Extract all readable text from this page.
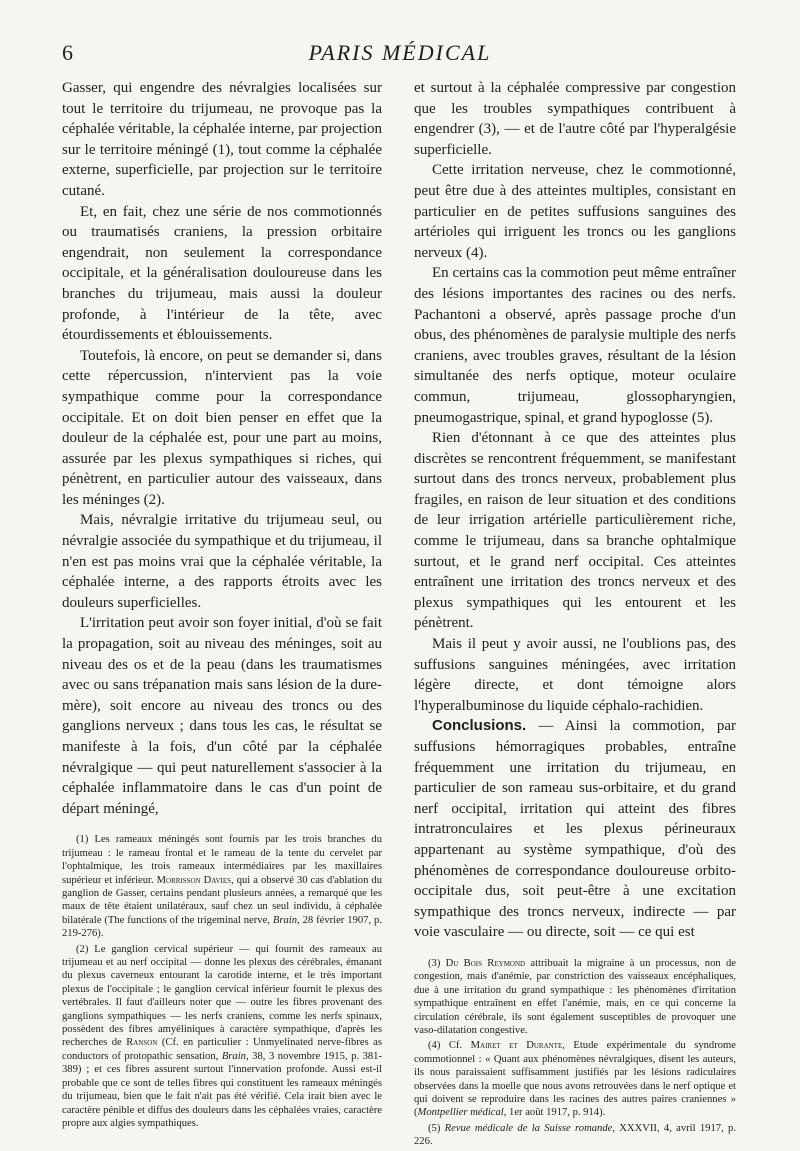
6	PARIS MÉDICAL

Gasser, qui engendre des névralgies localisées sur tout le territoire du trijumeau, ne provoque pas la céphalée véritable, la céphalée interne, par projection sur le territoire méningé (1), tout comme la céphalée externe, superficielle, par projection sur le territoire cutané.

Et, en fait, chez une série de nos commotionnés ou traumatisés craniens, la pression orbitaire engendrait, non seulement la correspondance occipitale, et la généralisation douloureuse dans les branches du trijumeau, mais aussi la douleur profonde, à l'intérieur de la tête, avec étourdissements et éblouissements.

Toutefois, là encore, on peut se demander si, dans cette répercussion, n'intervient pas la voie sympathique comme pour la correspondance occipitale. Et on doit bien penser en effet que la douleur de la céphalée est, pour une part au moins, assurée par les plexus sympathiques si riches, qui pénètrent, en particulier autour des vaisseaux, dans les méninges (2).

Mais, névralgie irritative du trijumeau seul, ou névralgie associée du sympathique et du trijumeau, il n'en est pas moins vrai que la céphalée véritable, la céphalée interne, a des rapports étroits avec les douleurs superficielles.

L'irritation peut avoir son foyer initial, d'où se fait la propagation, soit au niveau des méninges, soit au niveau des os et de la peau (dans les traumatismes avec ou sans trépanation mais sans lésion de la dure-mère), soit encore au niveau des troncs ou des ganglions nerveux ; dans tous les cas, le résultat se manifeste à la fois, d'un côté par la céphalée névralgique — qui peut naturellement s'associer à la céphalée inflammatoire dans le cas d'un point de départ méningé,

(1) Les rameaux méningés sont fournis par les trois branches du trijumeau : le rameau frontal et le rameau de la tente du cervelet par l'ophtalmique, les trois rameaux intermédiaires par les maxillaires supérieur et inférieur. Morrisson Davies, qui a observé 30 cas d'ablation du ganglion de Gasser, certains pendant plusieurs années, a remarqué que les maux de tête étaient unilatéraux, sauf chez un seul individu, à céphalée bilatérale (The functions of the trigeminal nerve, Brain, 28 février 1907, p. 219-276).

(2) Le ganglion cervical supérieur — qui fournit des rameaux au trijumeau et au nerf occipital — donne les plexus des cérébrales, émanant du plexus caverneux entourant la carotide interne, et le très important plexus de l'occipitale ; le ganglion cervical inférieur fournit le plexus des vertébrales. Il faut d'ailleurs noter que — outre les fibres provenant des ganglions sympathiques — les nerfs craniens, comme les nerfs spinaux, possèdent des fibres amyéliniques à caractère sympathique, d'après les recherches de Ranson (Cf. en particulier : Unmyelinated nerve-fibres as conductors of protopathic sensation, Brain, 38, 3 novembre 1915, p. 381-389) ; et ces fibres assurent surtout l'innervation profonde. Aussi est-il probable que ce sont de telles fibres qui constituent les rameaux méningés du trijumeau, bien que le fait n'ait pas été vérifié. Cela irait bien avec le caractère pénible et diffus des douleurs dans les céphalées vraies, caractère propre aux algies sympathiques.

et surtout à la céphalée compressive par congestion que les troubles sympathiques contribuent à engendrer (3), — et de l'autre côté par l'hyperalgésie superficielle.

Cette irritation nerveuse, chez le commotionné, peut être due à des atteintes multiples, consistant en particulier en de petites suffusions sanguines des artérioles qui irriguent les troncs ou les ganglions nerveux (4).

En certains cas la commotion peut même entraîner des lésions importantes des racines ou des nerfs. Pachantoni a observé, après passage proche d'un obus, des phénomènes de paralysie multiple des nerfs craniens, avec troubles graves, résultant de la lésion simultanée des nerfs optique, moteur oculaire commun, trijumeau, glossopharyngien, pneumogastrique, spinal, et grand hypoglosse (5).

Rien d'étonnant à ce que des atteintes plus discrètes se rencontrent fréquemment, se manifestant surtout dans des troncs nerveux, probablement plus fragiles, en raison de leur situation et des conditions de leur irrigation artérielle particulièrement riche, comme le trijumeau, dans sa branche ophtalmique surtout, et le grand nerf occipital. Ces atteintes entraînent une irritation des troncs nerveux et des plexus sympathiques qui les entourent et les pénètrent.

Mais il peut y avoir aussi, ne l'oublions pas, des suffusions sanguines méningées, avec irritation légère directe, et dont témoigne alors l'hyperalbuminose du liquide céphalo-rachidien.

Conclusions. — Ainsi la commotion, par suffusions hémorragiques probables, entraîne fréquemment une irritation du trijumeau, en particulier de son rameau sus-orbitaire, et du grand nerf occipital, irritation qui atteint des fibres intratronculaires et les plexus périneuraux appartenant au système sympathique, d'où des phénomènes de correspondance douloureuse orbito-occipitale dus, soit peut-être à une excitation sympathique des troncs nerveux, indirecte — par voie vasculaire — ou directe, soit — ce qui est

(3) Du Bois Reymond attribuait la migraine à un processus, non de congestion, mais d'anémie, par constriction des vaisseaux encéphaliques, due à une irritation du grand sympathique : les phénomènes d'irritation sympathique entraînent en effet l'anémie, mais, en ce qui concerne la circulation cérébrale, ils sont également susceptibles de provoquer une vaso-dilatation congestive.

(4) Cf. Mairet et Durante, Etude expérimentale du syndrome commotionnel : « Quant aux phénomènes névralgiques, disent les auteurs, ils nous paraissaient suffisamment justifiés par les lésions radiculaires observées dans la moelle que nous avons retrouvées dans le nerf optique et qui doivent se reproduire dans les racines des autres paires craniennes » (Montpellier médical, 1er août 1917, p. 914).

(5) Revue médicale de la Suisse romande, XXXVII, 4, avril 1917, p. 226.
